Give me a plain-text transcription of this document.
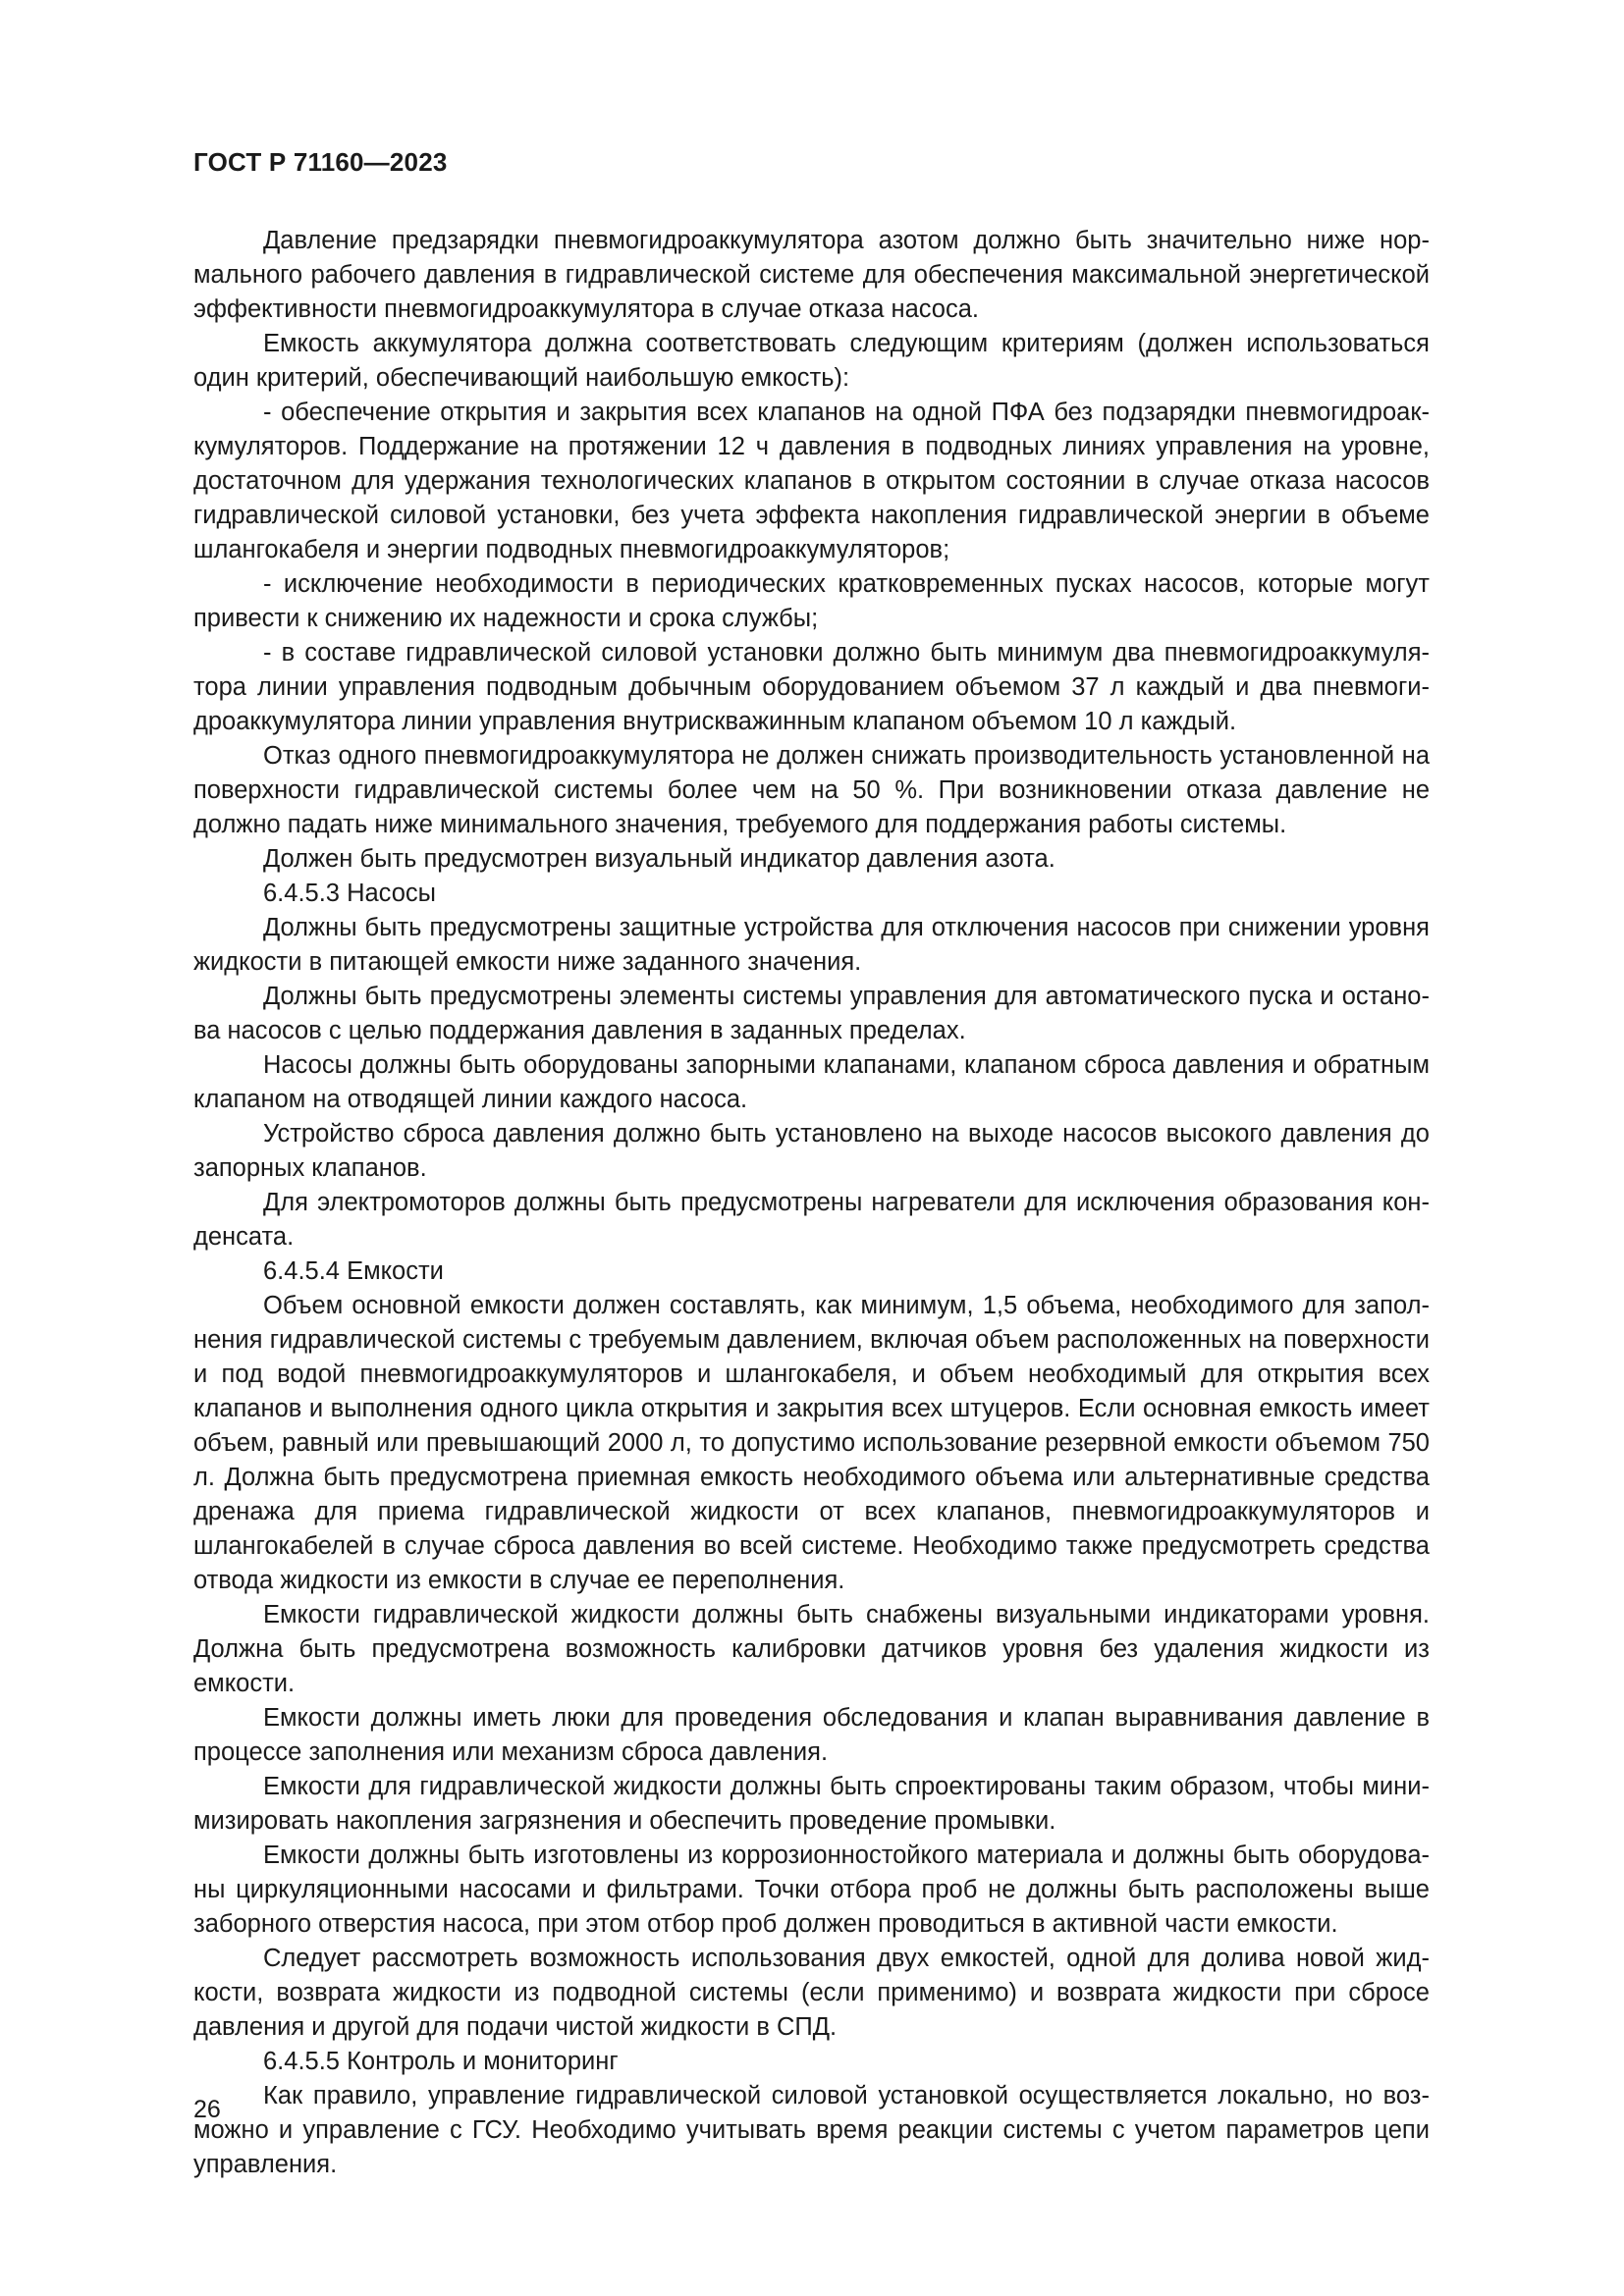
ГОСТ Р 71160—2023

Давление предзарядки пневмогидроаккумулятора азотом должно быть значительно ниже нормального рабочего давления в гидравлической системе для обеспечения максимальной энергетической эффективности пневмогидроаккумулятора в случае отказа насоса.

Емкость аккумулятора должна соответствовать следующим критериям (должен использоваться один критерий, обеспечивающий наибольшую емкость):

- обеспечение открытия и закрытия всех клапанов на одной ПФА без подзарядки пневмогидроаккумуляторов. Поддержание на протяжении 12 ч давления в подводных линиях управления на уровне, достаточном для удержания технологических клапанов в открытом состоянии в случае отказа насосов гидравлической силовой установки, без учета эффекта накопления гидравлической энергии в объеме шлангокабеля и энергии подводных пневмогидроаккумуляторов;

- исключение необходимости в периодических кратковременных пусках насосов, которые могут привести к снижению их надежности и срока службы;

- в составе гидравлической силовой установки должно быть минимум два пневмогидроаккумулятора линии управления подводным добычным оборудованием объемом 37 л каждый и два пневмогидроаккумулятора линии управления внутрискважинным клапаном объемом 10 л каждый.

Отказ одного пневмогидроаккумулятора не должен снижать производительность установленной на поверхности гидравлической системы более чем на 50 %. При возникновении отказа давление не должно падать ниже минимального значения, требуемого для поддержания работы системы.

Должен быть предусмотрен визуальный индикатор давления азота.

6.4.5.3 Насосы

Должны быть предусмотрены защитные устройства для отключения насосов при снижении уровня жидкости в питающей емкости ниже заданного значения.

Должны быть предусмотрены элементы системы управления для автоматического пуска и останова насосов с целью поддержания давления в заданных пределах.

Насосы должны быть оборудованы запорными клапанами, клапаном сброса давления и обратным клапаном на отводящей линии каждого насоса.

Устройство сброса давления должно быть установлено на выходе насосов высокого давления до запорных клапанов.

Для электромоторов должны быть предусмотрены нагреватели для исключения образования конденсата.

6.4.5.4 Емкости

Объем основной емкости должен составлять, как минимум, 1,5 объема, необходимого для заполнения гидравлической системы с требуемым давлением, включая объем расположенных на поверхности и под водой пневмогидроаккумуляторов и шлангокабеля, и объем необходимый для открытия всех клапанов и выполнения одного цикла открытия и закрытия всех штуцеров. Если основная емкость имеет объем, равный или превышающий 2000 л, то допустимо использование резервной емкости объемом 750 л. Должна быть предусмотрена приемная емкость необходимого объема или альтернативные средства дренажа для приема гидравлической жидкости от всех клапанов, пневмогидроаккумуляторов и шлангокабелей в случае сброса давления во всей системе. Необходимо также предусмотреть средства отвода жидкости из емкости в случае ее переполнения.

Емкости гидравлической жидкости должны быть снабжены визуальными индикаторами уровня. Должна быть предусмотрена возможность калибровки датчиков уровня без удаления жидкости из емкости.

Емкости должны иметь люки для проведения обследования и клапан выравнивания давление в процессе заполнения или механизм сброса давления.

Емкости для гидравлической жидкости должны быть спроектированы таким образом, чтобы минимизировать накопления загрязнения и обеспечить проведение промывки.

Емкости должны быть изготовлены из коррозионностойкого материала и должны быть оборудованы циркуляционными насосами и фильтрами. Точки отбора проб не должны быть расположены выше заборного отверстия насоса, при этом отбор проб должен проводиться в активной части емкости.

Следует рассмотреть возможность использования двух емкостей, одной для долива новой жидкости, возврата жидкости из подводной системы (если применимо) и возврата жидкости при сбросе давления и другой для подачи чистой жидкости в СПД.

6.4.5.5 Контроль и мониторинг

Как правило, управление гидравлической силовой установкой осуществляется локально, но возможно и управление с ГСУ. Необходимо учитывать время реакции системы с учетом параметров цепи управления.

26
